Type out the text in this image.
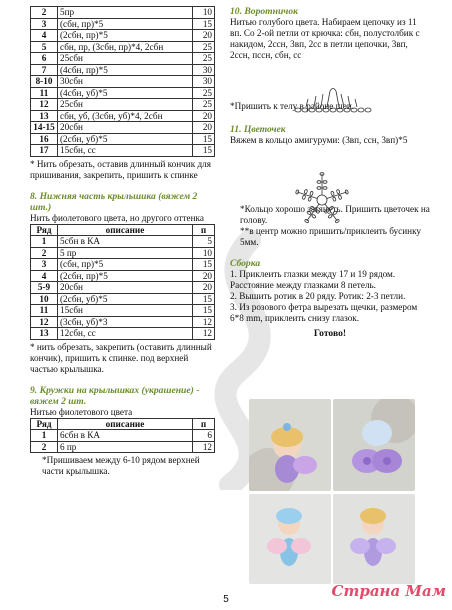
2	5пр	10
3	(сбн, пр)*5	15
4	(2сбн, пр)*5	20
5	сбн, пр, (3сбн, пр)*4, 2сбн	25
6	25сбн	25
7	(4сбн, пр)*5	30
8-10	30сбн	30
11	(4сбн, уб)*5	25
12	25сбн	25
13	сбн, уб, (3сбн, уб)*4, 2сбн	20
14-15	20сбн	20
16	(2сбн, уб)*5	15
17	15сбн, сс	15

* Нить обрезать, оставив длинный кончик для пришивания, закрепить, пришить к спинке

8. Нижняя часть крыльшика (вяжем 2 шт.)

Нить фиолетового цвета, но другого оттенка

Ряд	описание	п
1	5сбн в КА	5
2	5 пр	10
3	(сбн, пр)*5	15
4	(2сбн, пр)*5	20
5-9	20сбн	20
10	(2сбн, уб)*5	15
11	15сбн	15
12	(3сбн, уб)*3	12
13	12сбн, сс	12

* нить обрезать, закрепить (оставить длинный кончик), пришить к спинке. под верхней частью крылышка.

9. Кружки на крылышках (украшение) - вяжем 2 шт.

Нитью фиолетового цвета

Ряд	описание	п
1	6сбн в КА	6
2	6 пр	12

*Пришиваем между 6-10 рядом верхней части крылышка.

10. Воротничок

Нитью голубого цвета. Набираем цепочку из 11 вп. Со 2-ой петли от крючка: сбн, полустолбик с накидом, 2ссн, 3вп, 2сс в петли цепочки, 3вп, 2ссн, пссн, сбн, сс

*Пришить к телу в районе шеи.

11. Цветочек

Вяжем в кольцо амигуруми: (3вп, ссн, 3вп)*5

*Кольцо хорошо затянуть. Пришить цветочек на голову.

**в центр можно пришить/приклеить бусинку 5мм.

Сборка

1. Приклеить глазки между 17 и 19 рядом. Расстояние между глазками 8 петель.

2. Вышить ротик в 20 ряду. Ротик: 2-3 петли.

3. Из розового фетра вырезать щечки, размером 6*8 mm, приклеить снизу глазок.

Готово!

5	Страна Мам
